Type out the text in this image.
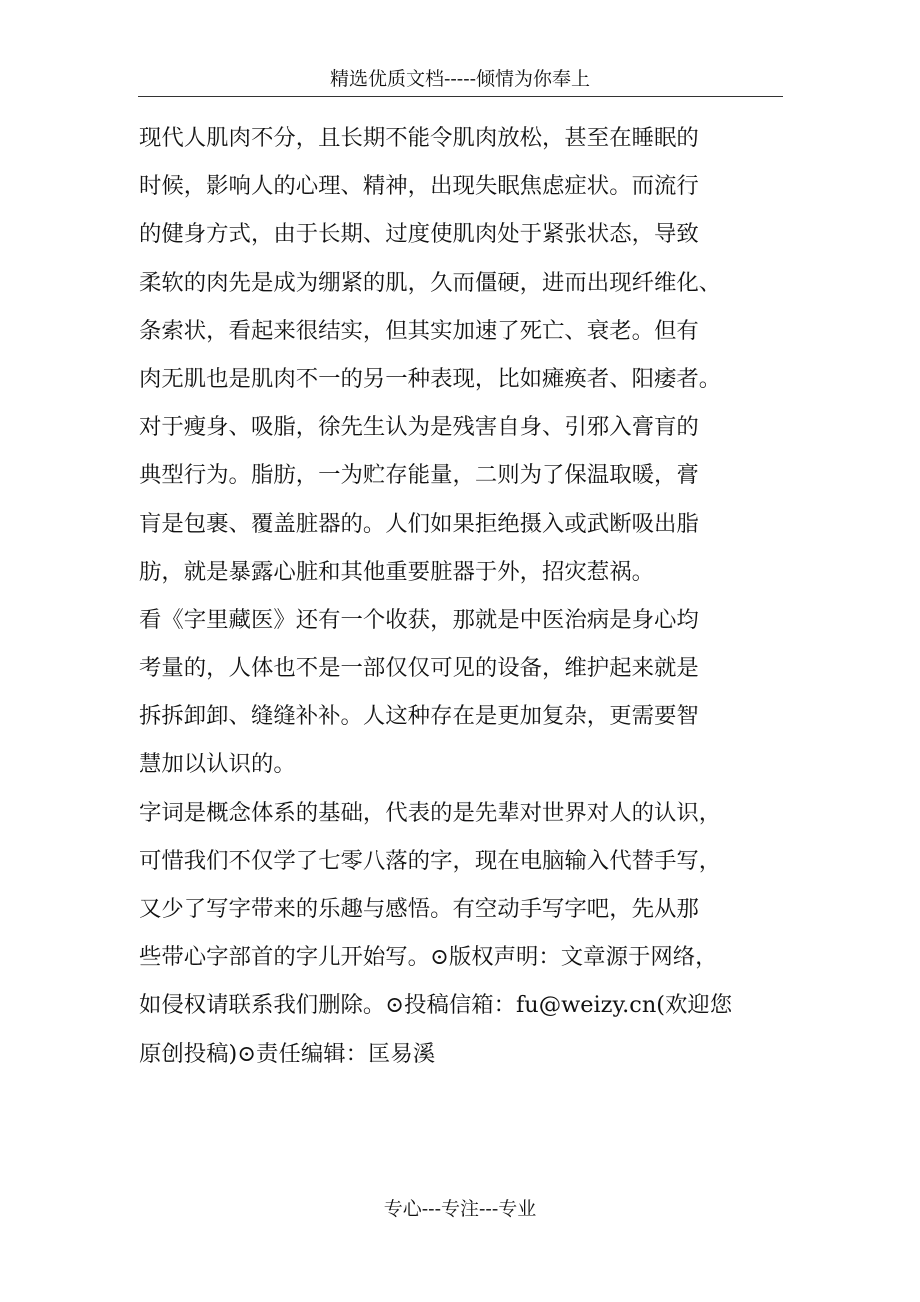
精选优质文档-----倾情为你奉上

现代人肌肉不分，且长期不能令肌肉放松，甚至在睡眠的
时候，影响人的心理、精神，出现失眠焦虑症状。而流行
的健身方式，由于长期、过度使肌肉处于紧张状态，导致
柔软的肉先是成为绷紧的肌，久而僵硬，进而出现纤维化、
条索状，看起来很结实，但其实加速了死亡、衰老。但有
肉无肌也是肌肉不一的另一种表现，比如瘫痪者、阳痿者。
对于瘦身、吸脂，徐先生认为是残害自身、引邪入膏肓的
典型行为。脂肪，一为贮存能量，二则为了保温取暖，膏
肓是包裹、覆盖脏器的。人们如果拒绝摄入或武断吸出脂
肪，就是暴露心脏和其他重要脏器于外，招灾惹祸。

看《字里藏医》还有一个收获，那就是中医治病是身心均
考量的，人体也不是一部仅仅可见的设备，维护起来就是
拆拆卸卸、缝缝补补。人这种存在是更加复杂，更需要智
慧加以认识的。

字词是概念体系的基础，代表的是先辈对世界对人的认识，
可惜我们不仅学了七零八落的字，现在电脑输入代替手写，
又少了写字带来的乐趣与感悟。有空动手写字吧，先从那
些带心字部首的字儿开始写。⊙版权声明：文章源于网络，
如侵权请联系我们删除。⊙投稿信箱：fu@weizy.cn(欢迎您
原创投稿)⊙责任编辑：匡易溪

专心---专注---专业
